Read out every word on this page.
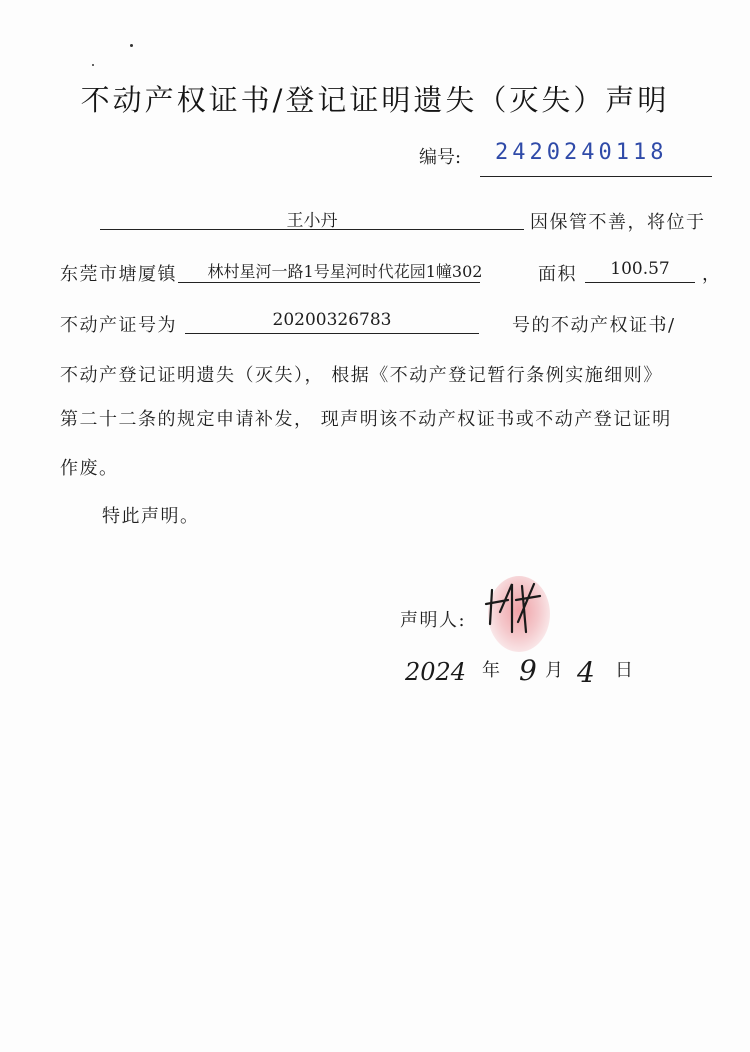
不动产权证书/登记证明遗失（灭失）声明
编号: 2420240118
王小丹	因保管不善，将位于
东莞市塘厦镇	林村星河一路1号星河时代花园1幢302	面积	100.57	，
不动产证号为	20200326783	号的不动产权证书/
不动产登记证明遗失（灭失）， 根据《不动产登记暂行条例实施细则》
第二十二条的规定申请补发， 现声明该不动产权证书或不动产登记证明
作废。
特此声明。
声明人:
2024 年 9 月 4 日
